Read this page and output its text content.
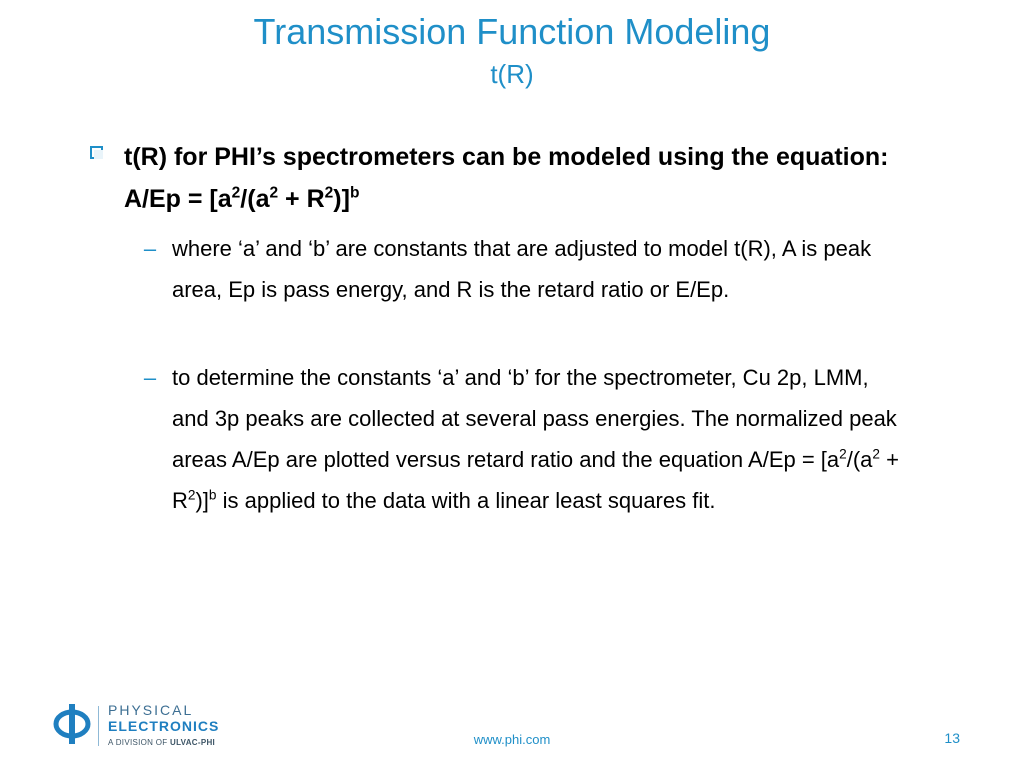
Transmission Function Modeling
t(R)
t(R) for PHI’s spectrometers can be modeled using the equation: $A/Ep = [a^2/(a^2 + R^2)]^b$
– where ‘a’ and ‘b’ are constants that are adjusted to model t(R), A is peak area, Ep is pass energy, and R is the retard ratio or E/Ep.
– to determine the constants ‘a’ and ‘b’ for the spectrometer, Cu 2p, LMM, and 3p peaks are collected at several pass energies. The normalized peak areas A/Ep are plotted versus retard ratio and the equation $A/Ep = [a^2/(a^2 + R^2)]^b$ is applied to the data with a linear least squares fit.
PHYSICAL
ELECTRONICS
A DIVISION OF ULVAC-PHI	www.phi.com	13
